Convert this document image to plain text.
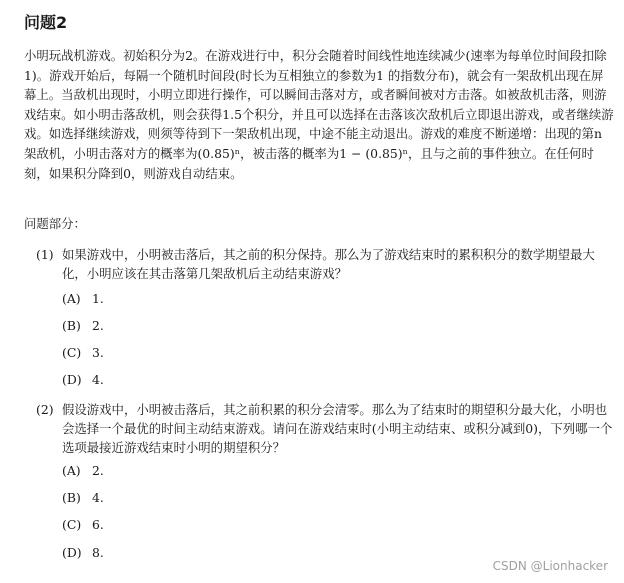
问题2
小明玩战机游戏。初始积分为2。在游戏进行中，积分会随着时间线性地连续减少(速率为每单位时间段扣除1)。游戏开始后，每隔一个随机时间段(时长为互相独立的参数为1 的指数分布)，就会有一架敌机出现在屏幕上。当敌机出现时，小明立即进行操作，可以瞬间击落对方，或者瞬间被对方击落。如被敌机击落，则游戏结束。如小明击落敌机，则会获得1.5个积分，并且可以选择在击落该次敌机后立即退出游戏，或者继续游戏。如选择继续游戏，则须等待到下一架敌机出现，中途不能主动退出。游戏的难度不断递增：出现的第n 架敌机，小明击落对方的概率为(0.85)ⁿ，被击落的概率为1 − (0.85)ⁿ，且与之前的事件独立。在任何时刻，如果积分降到0，则游戏自动结束。
问题部分：
(1) 如果游戏中，小明被击落后，其之前的积分保持。那么为了游戏结束时的累积积分的数学期望最大化，小明应该在其击落第几架敌机后主动结束游戏？
(A) 1.
(B) 2.
(C) 3.
(D) 4.
(2) 假设游戏中，小明被击落后，其之前积累的积分会清零。那么为了结束时的期望积分最大化，小明也会选择一个最优的时间主动结束游戏。请问在游戏结束时(小明主动结束、或积分减到0)，下列哪一个选项最接近游戏结束时小明的期望积分？
(A) 2.
(B) 4.
(C) 6.
(D) 8.
CSDN @Lionhacker
